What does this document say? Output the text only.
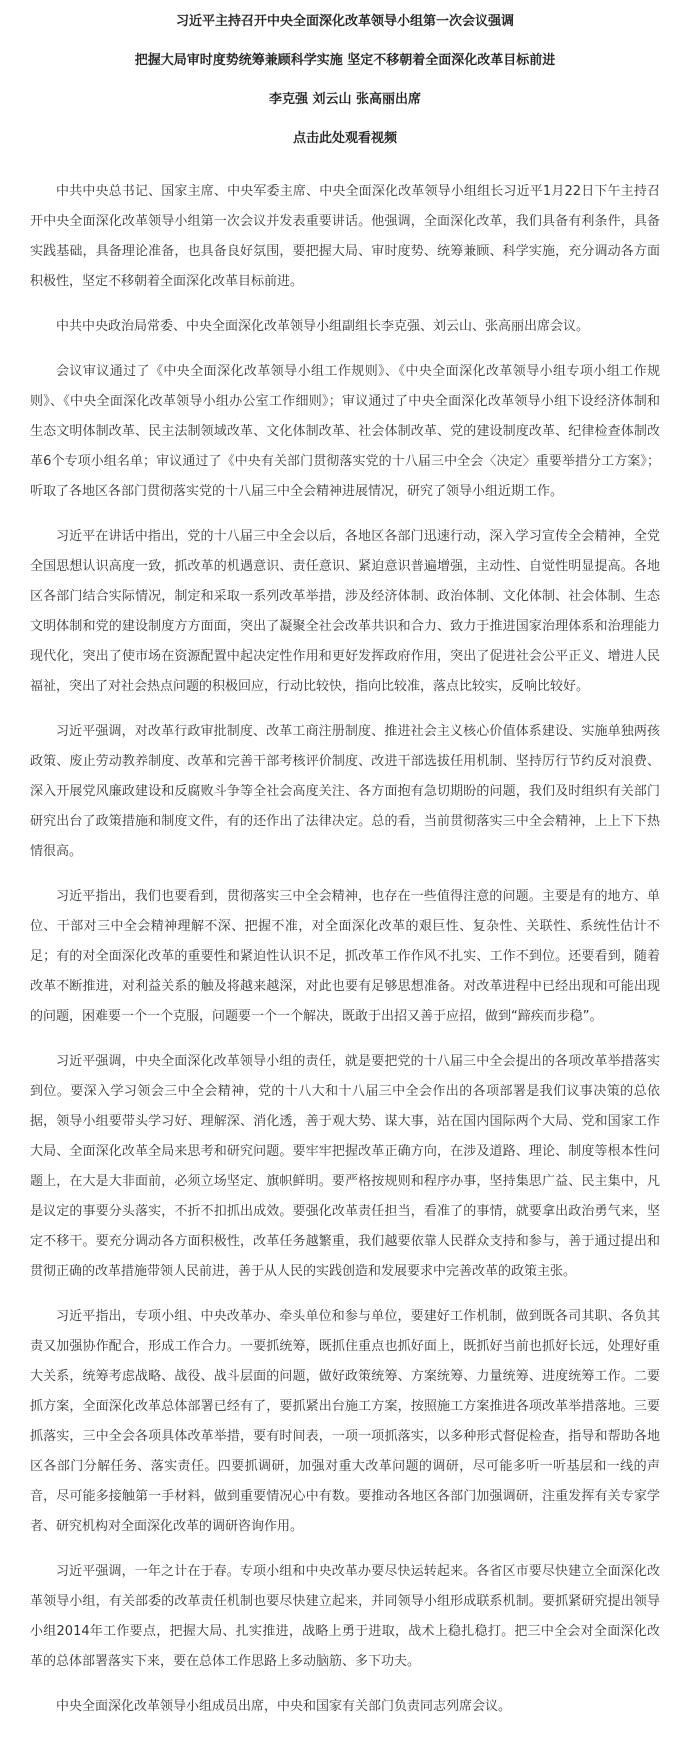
习近平主持召开中央全面深化改革领导小组第一次会议强调
把握大局审时度势统筹兼顾科学实施 坚定不移朝着全面深化改革目标前进
李克强 刘云山 张高丽出席

点击此处观看视频

中共中央总书记、国家主席、中央军委主席、中央全面深化改革领导小组组长习近平1月22日下午主持召开中央全面深化改革领导小组第一次会议并发表重要讲话。他强调，全面深化改革，我们具备有利条件，具备实践基础，具备理论准备，也具备良好氛围，要把握大局、审时度势、统筹兼顾、科学实施，充分调动各方面积极性，坚定不移朝着全面深化改革目标前进。

中共中央政治局常委、中央全面深化改革领导小组副组长李克强、刘云山、张高丽出席会议。

会议审议通过了《中央全面深化改革领导小组工作规则》、《中央全面深化改革领导小组专项小组工作规则》、《中央全面深化改革领导小组办公室工作细则》；审议通过了中央全面深化改革领导小组下设经济体制和生态文明体制改革、民主法制领域改革、文化体制改革、社会体制改革、党的建设制度改革、纪律检查体制改革6个专项小组名单；审议通过了《中央有关部门贯彻落实党的十八届三中全会〈决定〉重要举措分工方案》；听取了各地区各部门贯彻落实党的十八届三中全会精神进展情况，研究了领导小组近期工作。

习近平在讲话中指出，党的十八届三中全会以后，各地区各部门迅速行动，深入学习宣传全会精神，全党全国思想认识高度一致，抓改革的机遇意识、责任意识、紧迫意识普遍增强，主动性、自觉性明显提高。各地区各部门结合实际情况，制定和采取一系列改革举措，涉及经济体制、政治体制、文化体制、社会体制、生态文明体制和党的建设制度方方面面，突出了凝聚全社会改革共识和合力、致力于推进国家治理体系和治理能力现代化，突出了使市场在资源配置中起决定性作用和更好发挥政府作用，突出了促进社会公平正义、增进人民福祉，突出了对社会热点问题的积极回应，行动比较快，指向比较准，落点比较实，反响比较好。

习近平强调，对改革行政审批制度、改革工商注册制度、推进社会主义核心价值体系建设、实施单独两孩政策、废止劳动教养制度、改革和完善干部考核评价制度、改进干部选拔任用机制、坚持厉行节约反对浪费、深入开展党风廉政建设和反腐败斗争等全社会高度关注、各方面抱有急切期盼的问题，我们及时组织有关部门研究出台了政策措施和制度文件，有的还作出了法律决定。总的看，当前贯彻落实三中全会精神，上上下下热情很高。

习近平指出，我们也要看到，贯彻落实三中全会精神，也存在一些值得注意的问题。主要是有的地方、单位、干部对三中全会精神理解不深、把握不准，对全面深化改革的艰巨性、复杂性、关联性、系统性估计不足；有的对全面深化改革的重要性和紧迫性认识不足，抓改革工作作风不扎实、工作不到位。还要看到，随着改革不断推进，对利益关系的触及将越来越深，对此也要有足够思想准备。对改革进程中已经出现和可能出现的问题，困难要一个一个克服，问题要一个一个解决，既敢于出招又善于应招，做到“蹄疾而步稳”。

习近平强调，中央全面深化改革领导小组的责任，就是要把党的十八届三中全会提出的各项改革举措落实到位。要深入学习领会三中全会精神，党的十八大和十八届三中全会作出的各项部署是我们议事决策的总依据，领导小组要带头学习好、理解深、消化透，善于观大势、谋大事，站在国内国际两个大局、党和国家工作大局、全面深化改革全局来思考和研究问题。要牢牢把握改革正确方向，在涉及道路、理论、制度等根本性问题上，在大是大非面前，必须立场坚定、旗帜鲜明。要严格按规则和程序办事，坚持集思广益、民主集中，凡是议定的事要分头落实，不折不扣抓出成效。要强化改革责任担当，看准了的事情，就要拿出政治勇气来，坚定不移干。要充分调动各方面积极性，改革任务越繁重，我们越要依靠人民群众支持和参与，善于通过提出和贯彻正确的改革措施带领人民前进，善于从人民的实践创造和发展要求中完善改革的政策主张。

习近平指出，专项小组、中央改革办、牵头单位和参与单位，要建好工作机制，做到既各司其职、各负其责又加强协作配合，形成工作合力。一要抓统筹，既抓住重点也抓好面上，既抓好当前也抓好长远，处理好重大关系，统筹考虑战略、战役、战斗层面的问题，做好政策统筹、方案统筹、力量统筹、进度统筹工作。二要抓方案，全面深化改革总体部署已经有了，要抓紧出台施工方案，按照施工方案推进各项改革举措落地。三要抓落实，三中全会各项具体改革举措，要有时间表，一项一项抓落实，以多种形式督促检查，指导和帮助各地区各部门分解任务、落实责任。四要抓调研，加强对重大改革问题的调研，尽可能多听一听基层和一线的声音，尽可能多接触第一手材料，做到重要情况心中有数。要推动各地区各部门加强调研，注重发挥有关专家学者、研究机构对全面深化改革的调研咨询作用。

习近平强调，一年之计在于春。专项小组和中央改革办要尽快运转起来。各省区市要尽快建立全面深化改革领导小组，有关部委的改革责任机制也要尽快建立起来，并同领导小组形成联系机制。要抓紧研究提出领导小组2014年工作要点，把握大局、扎实推进，战略上勇于进取，战术上稳扎稳打。把三中全会对全面深化改革的总体部署落实下来，要在总体工作思路上多动脑筋、多下功夫。

中央全面深化改革领导小组成员出席，中央和国家有关部门负责同志列席会议。
